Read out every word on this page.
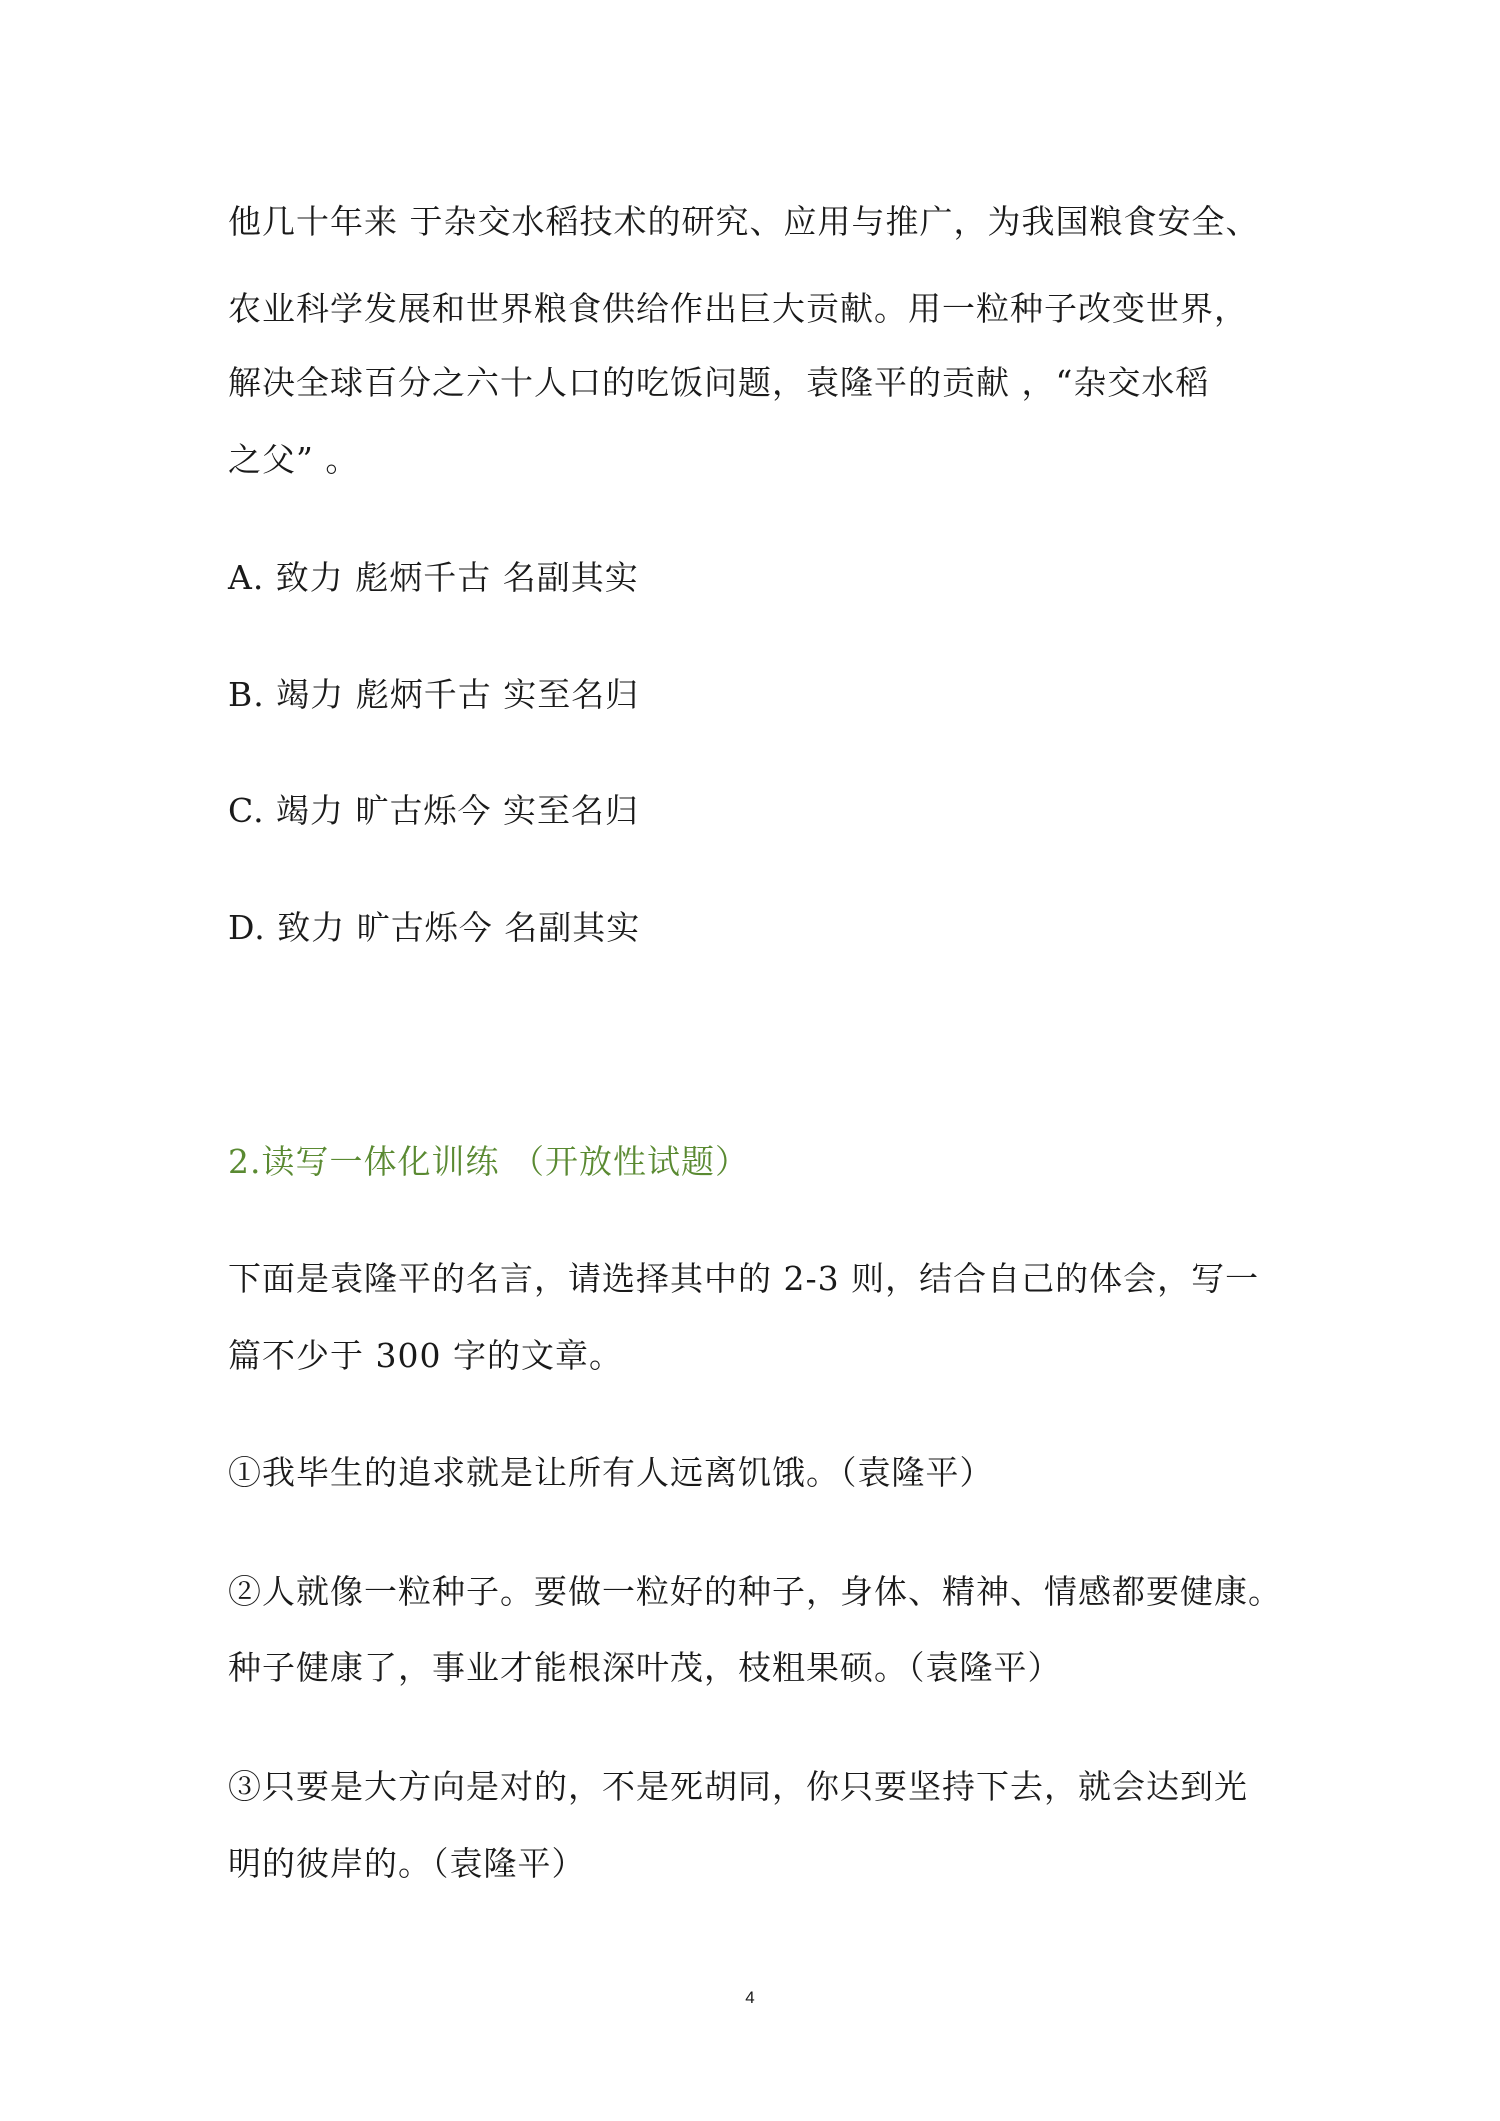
他几十年来 于杂交水稻技术的研究、应用与推广，为我国粮食安全、
农业科学发展和世界粮食供给作出巨大贡献。用一粒种子改变世界，
解决全球百分之六十人口的吃饭问题，袁隆平的贡献 ，“杂交水稻
之父” 。
A. 致力 彪炳千古 名副其实
B. 竭力 彪炳千古 实至名归
C. 竭力 旷古烁今 实至名归
D. 致力 旷古烁今 名副其实
2.读写一体化训练 （开放性试题）
下面是袁隆平的名言，请选择其中的 2-3 则，结合自己的体会，写一
篇不少于 300 字的文章。
①我毕生的追求就是让所有人远离饥饿。（袁隆平）
②人就像一粒种子。要做一粒好的种子，身体、精神、情感都要健康。
种子健康了，事业才能根深叶茂，枝粗果硕。（袁隆平）
③只要是大方向是对的，不是死胡同，你只要坚持下去，就会达到光
明的彼岸的。（袁隆平）
4
